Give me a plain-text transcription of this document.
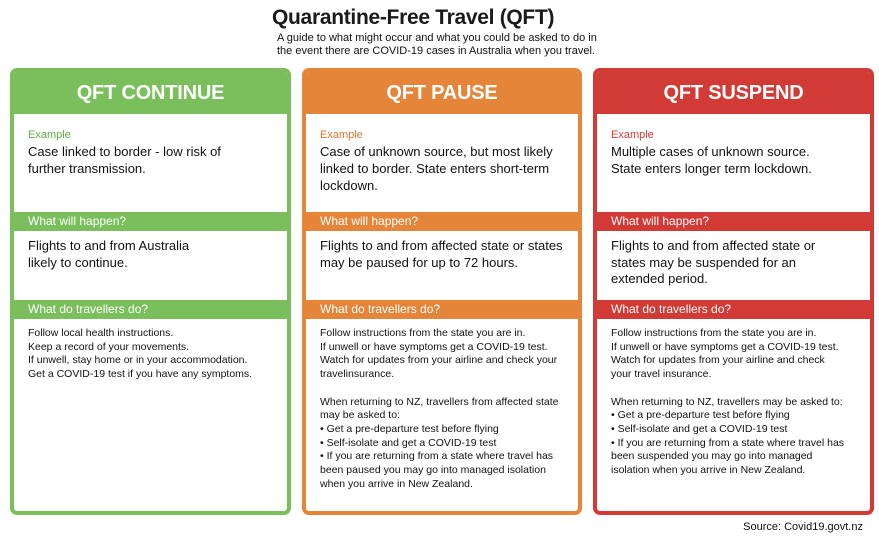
Quarantine-Free Travel (QFT)
A guide to what might occur and what you could be asked to do in
the event there are COVID-19 cases in Australia when you travel.
QFT CONTINUE
Example
Case linked to border - low risk of
further transmission.
What will happen?
Flights to and from Australia
likely to continue.
What do travellers do?

Follow local health instructions.

Keep a record of your movements.

If unwell, stay home or in your accommodation.

Get a COVID-19 test if you have any symptoms.

QFT PAUSE
Example
Case of unknown source, but most likely
linked to border. State enters short-term
lockdown.
What will happen?
Flights to and from affected state or states
may be paused for up to 72 hours.
What do travellers do?

Follow instructions from the state you are in.

If unwell or have symptoms get a COVID-19 test.

Watch for updates from your airline and check your

travelinsurance.

When returning to NZ, travellers from affected state

may be asked to:

• Get a pre-departure test before flying

• Self-isolate and get a COVID-19 test

• If you are returning from a state where travel has

been paused you may go into managed isolation

when you arrive in New Zealand.

QFT SUSPEND
Example
Multiple cases of unknown source.
State enters longer term lockdown.
What will happen?
Flights to and from affected state or
states may be suspended for an
extended period.
What do travellers do?

Follow instructions from the state you are in.

If unwell or have symptoms get a COVID-19 test.

Watch for updates from your airline and check

your travel insurance.

When returning to NZ, travellers may be asked to:

• Get a pre-departure test before flying

• Self-isolate and get a COVID-19 test

• If you are returning from a state where travel has

been suspended you may go into managed

isolation when you arrive in New Zealand.

Source: Covid19.govt.nz
